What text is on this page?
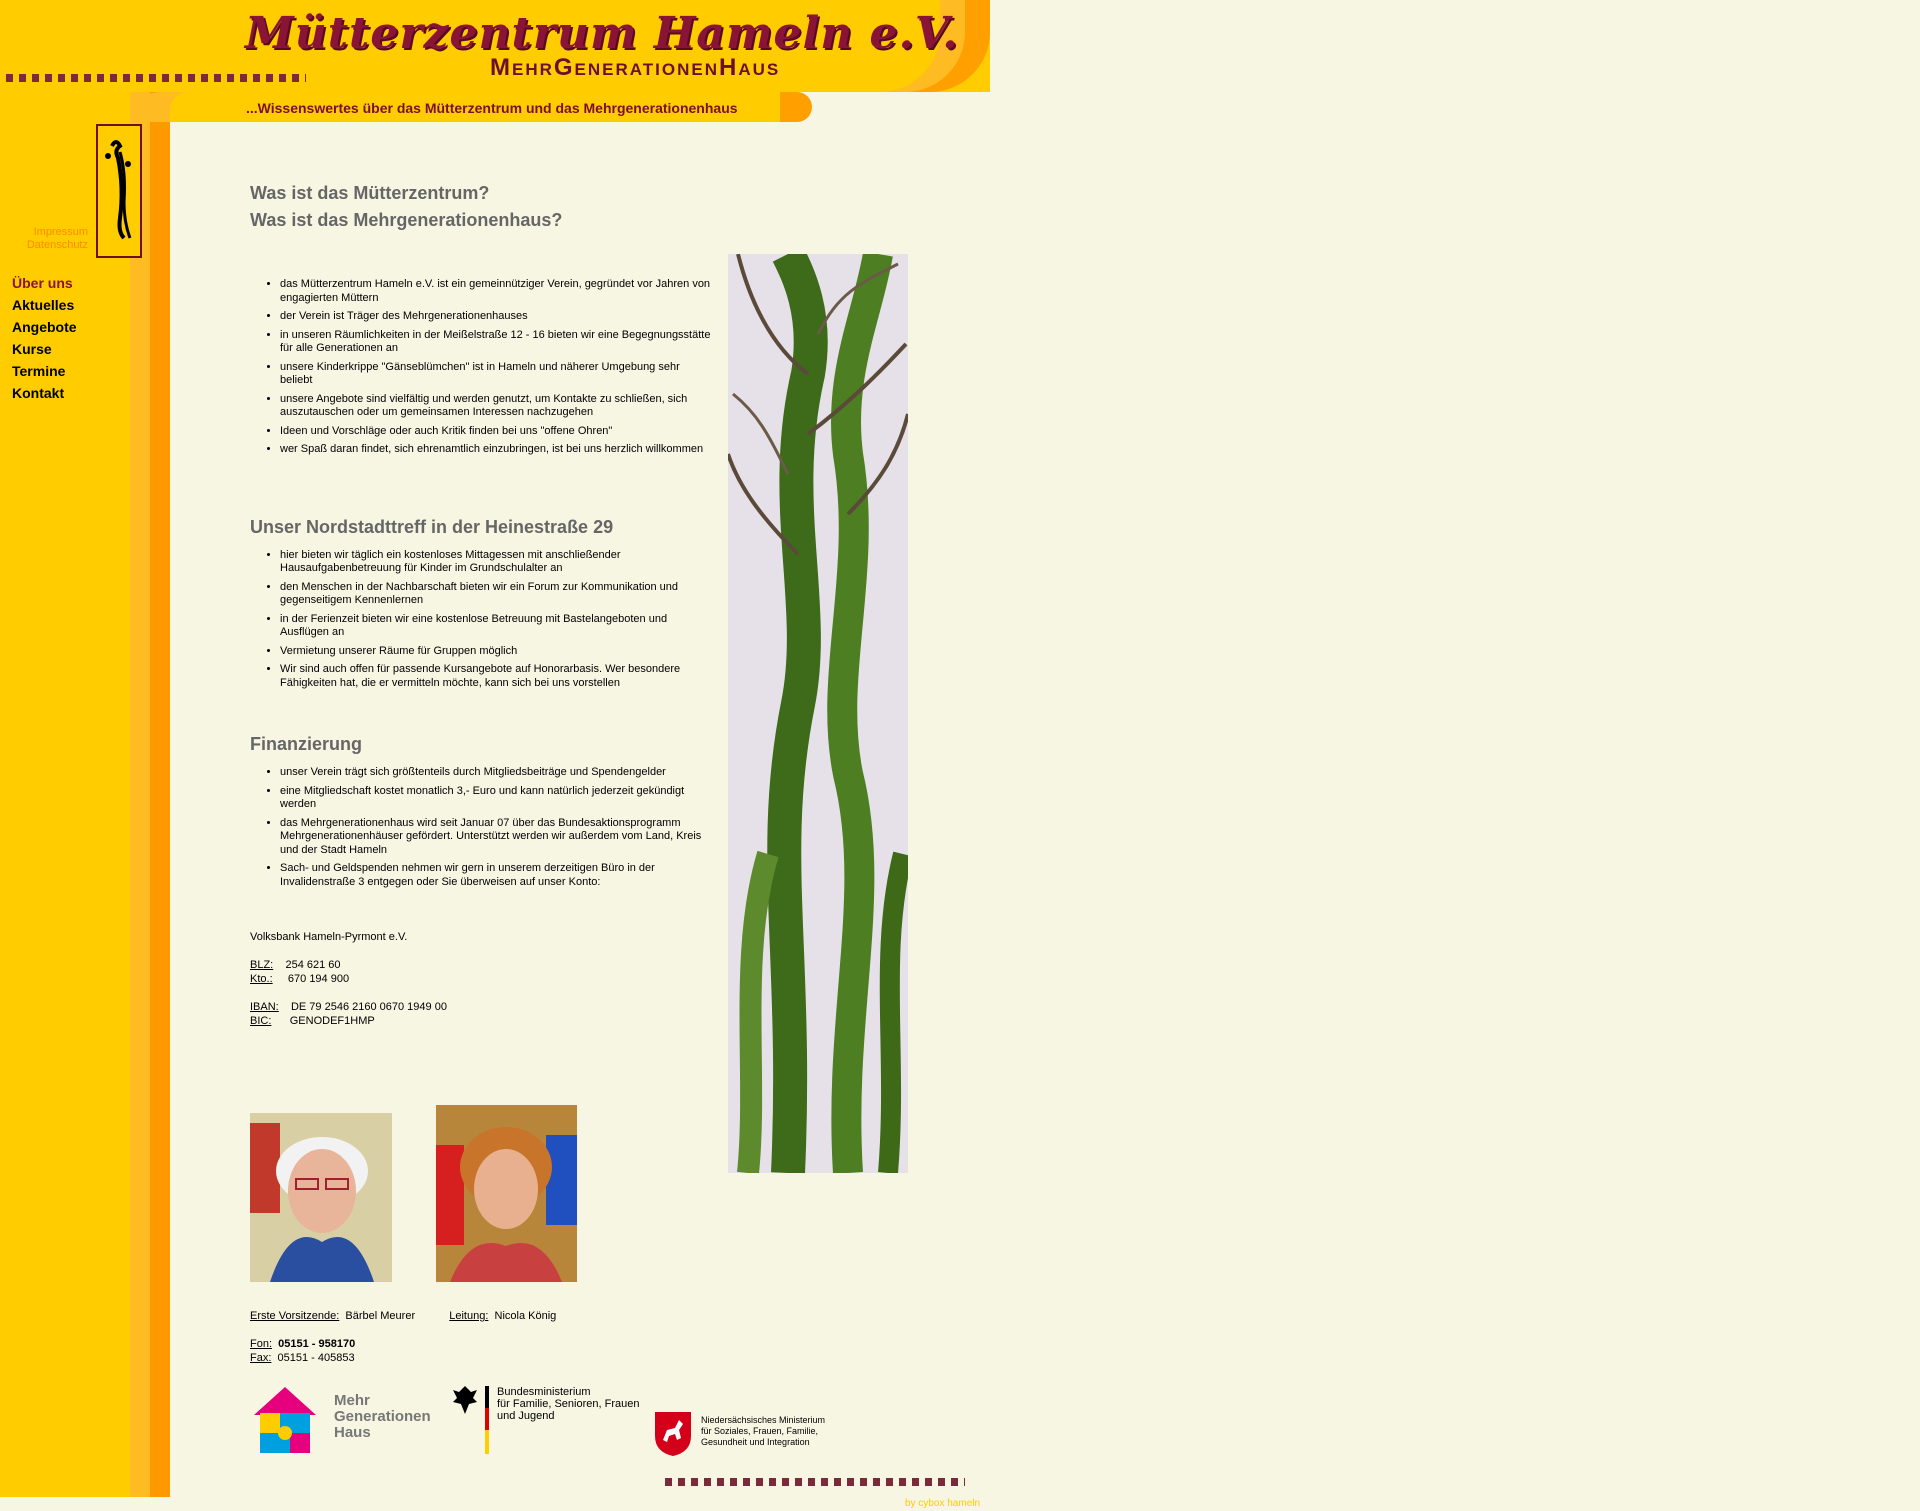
Mütterzentrum Hameln e.V.
MehrGenerationenHaus
...Wissenswertes über das Mütterzentrum und das Mehrgenerationenhaus
Impressum
Datenschutz
Über uns
Aktuelles
Angebote
Kurse
Termine
Kontakt
Was ist das Mütterzentrum?
Was ist das Mehrgenerationenhaus?
• das Mütterzentrum Hameln e.V. ist ein gemeinnütziger Verein, gegründet vor Jahren von engagierten Müttern
• der Verein ist Träger des Mehrgenerationenhauses
• in unseren Räumlichkeiten in der Meißelstraße 12 - 16 bieten wir eine Begegnungsstätte für alle Generationen an
• unsere Kinderkrippe "Gänseblümchen" ist in Hameln und näherer Umgebung sehr beliebt
• unsere Angebote sind vielfältig und werden genutzt, um Kontakte zu schließen, sich auszutauschen oder um gemeinsamen Interessen nachzugehen
• Ideen und Vorschläge oder auch Kritik finden bei uns "offene Ohren"
• wer Spaß daran findet, sich ehrenamtlich einzubringen, ist bei uns herzlich willkommen
Unser Nordstadttreff in der Heinestraße 29
• hier bieten wir täglich ein kostenloses Mittagessen mit anschließender Hausaufgabenbetreuung für Kinder im Grundschulalter an
• den Menschen in der Nachbarschaft bieten wir ein Forum zur Kommunikation und gegenseitigem Kennenlernen
• in der Ferienzeit bieten wir eine kostenlose Betreuung mit Bastelangeboten und Ausflügen an
• Vermietung unserer Räume für Gruppen möglich
• Wir sind auch offen für passende Kursangebote auf Honorarbasis. Wer besondere Fähigkeiten hat, die er vermitteln möchte, kann sich bei uns vorstellen
Finanzierung
• unser Verein trägt sich größtenteils durch Mitgliedsbeiträge und Spendengelder
• eine Mitgliedschaft kostet monatlich 3,- Euro und kann natürlich jederzeit gekündigt werden
• das Mehrgenerationenhaus wird seit Januar 07 über das Bundesaktionsprogramm Mehrgenerationenhäuser gefördert. Unterstützt werden wir außerdem vom Land, Kreis und der Stadt Hameln
• Sach- und Geldspenden nehmen wir gern in unserem derzeitigen Büro in der Invalidenstraße 3 entgegen oder Sie überweisen auf unser Konto:
Volksbank Hameln-Pyrmont e.V.
BLZ: 254 621 60
Kto.: 670 194 900
IBAN: DE 79 2546 2160 0670 1949 00
BIC: GENODEF1HMP
Erste Vorsitzende: Bärbel Meurer	Leitung: Nicola König
Fon: 05151 - 958170
Fax: 05151 - 405853
Mehr
Generationen
Haus
Bundesministerium
für Familie, Senioren, Frauen
und Jugend	Niedersächsisches Ministerium
für Soziales, Frauen, Familie,
Gesundheit und Integration
by cybox hameln
